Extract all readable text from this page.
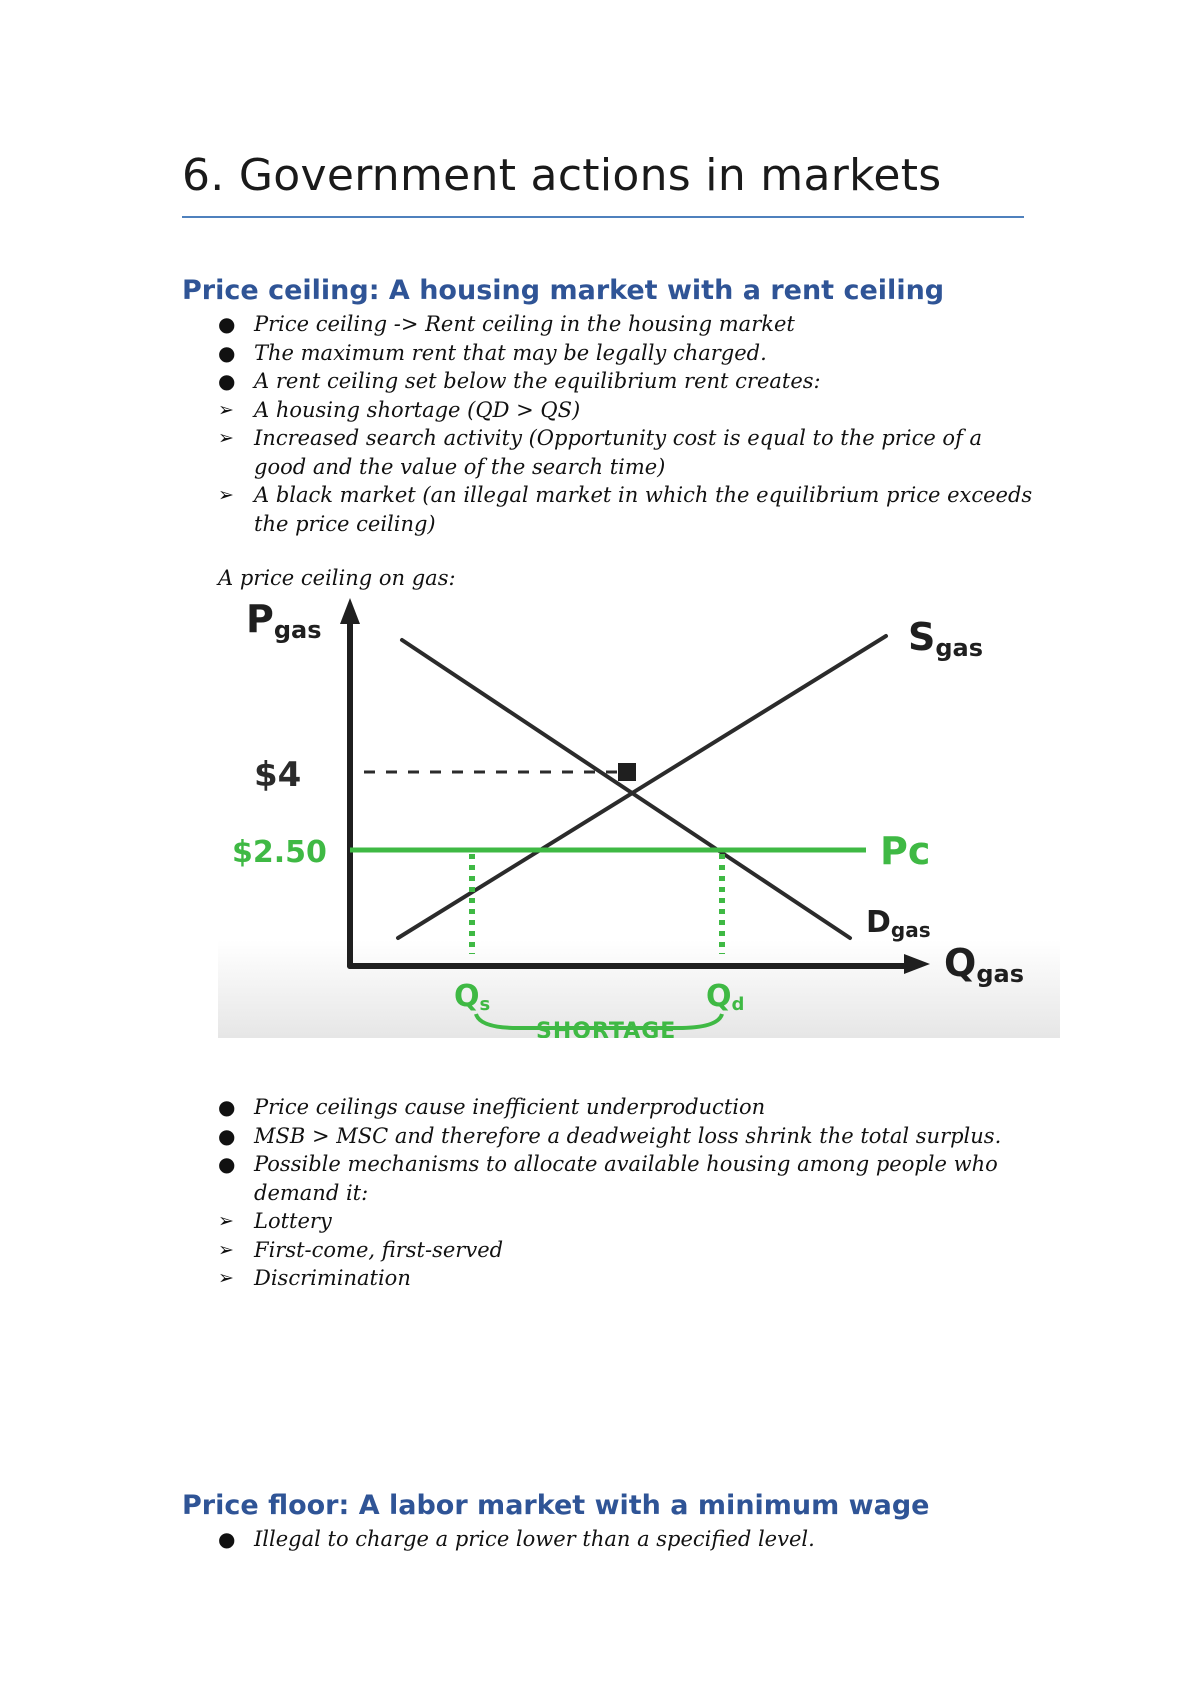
6. Government actions in markets
Price ceiling: A housing market with a rent ceiling
● Price ceiling -> Rent ceiling in the housing market
● The maximum rent that may be legally charged.
● A rent ceiling set below the equilibrium rent creates:
➢ A housing shortage (QD > QS)
➢ Increased search activity (Opportunity cost is equal to the price of a good and the value of the search time)
➢ A black market (an illegal market in which the equilibrium price exceeds the price ceiling)

A price ceiling on gas:

Pgas
Qgas
Sgas
Dgas
$4
$2.50	Pc
Qs	Qd
SHORTAGE
● Price ceilings cause inefficient underproduction
● MSB > MSC and therefore a deadweight loss shrink the total surplus.
● Possible mechanisms to allocate available housing among people who demand it:
➢ Lottery
➢ First-come, first-served
➢ Discrimination
Price floor: A labor market with a minimum wage
● Illegal to charge a price lower than a specified level.
